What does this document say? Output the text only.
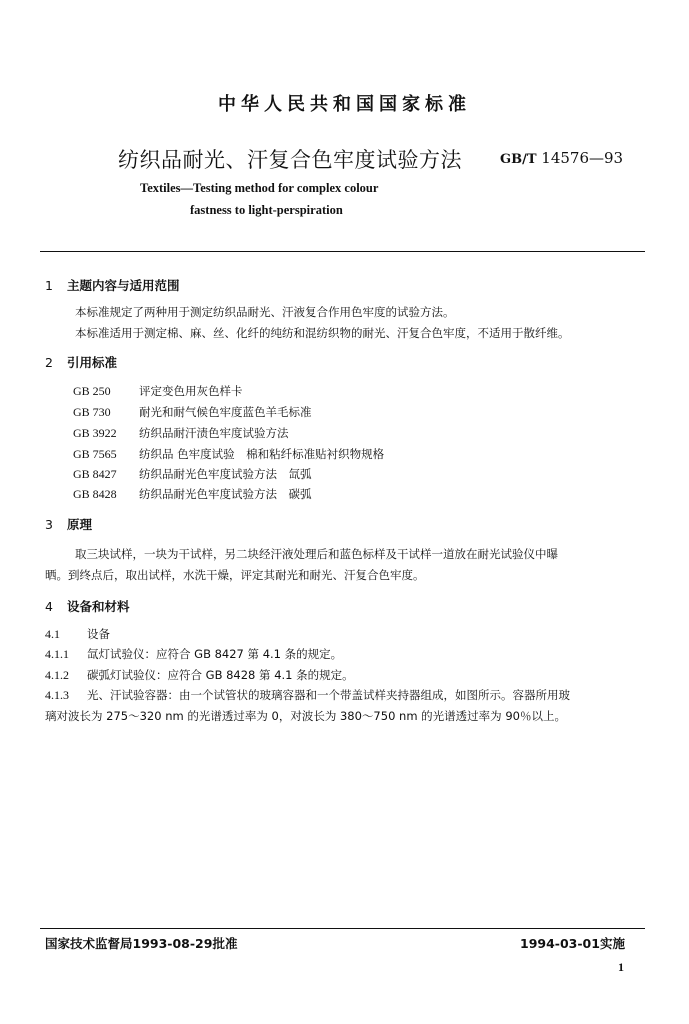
中华人民共和国国家标准
纺织品耐光、汗复合色牢度试验方法	GB/T 14576—93
Textiles—Testing method for complex colour
fastness to light-perspiration
1 主题内容与适用范围
本标准规定了两种用于测定纺织品耐光、汗液复合作用色牢度的试验方法。
本标准适用于测定棉、麻、丝、化纤的纯纺和混纺织物的耐光、汗复合色牢度，不适用于散纤维。
2 引用标准
GB 250 评定变色用灰色样卡
GB 730 耐光和耐气候色牢度蓝色羊毛标准
GB 3922 纺织品耐汗渍色牢度试验方法
GB 7565 纺织品 色牢度试验　棉和粘纤标准贴衬织物规格
GB 8427 纺织品耐光色牢度试验方法　氙弧
GB 8428 纺织品耐光色牢度试验方法　碳弧
3 原理
取三块试样，一块为干试样，另二块经汗液处理后和蓝色标样及干试样一道放在耐光试验仪中曝
晒。到终点后，取出试样，水洗干燥，评定其耐光和耐光、汗复合色牢度。
4 设备和材料
4.1 设备
4.1.1 氙灯试验仪：应符合 GB 8427 第 4.1 条的规定。
4.1.2 碳弧灯试验仪：应符合 GB 8428 第 4.1 条的规定。
4.1.3 光、汗试验容器：由一个试管状的玻璃容器和一个带盖试样夹持器组成，如图所示。容器所用玻
璃对波长为 275～320 nm 的光谱透过率为 0，对波长为 380～750 nm 的光谱透过率为 90％以上。
国家技术监督局1993-08-29批准	1994-03-01实施
1
